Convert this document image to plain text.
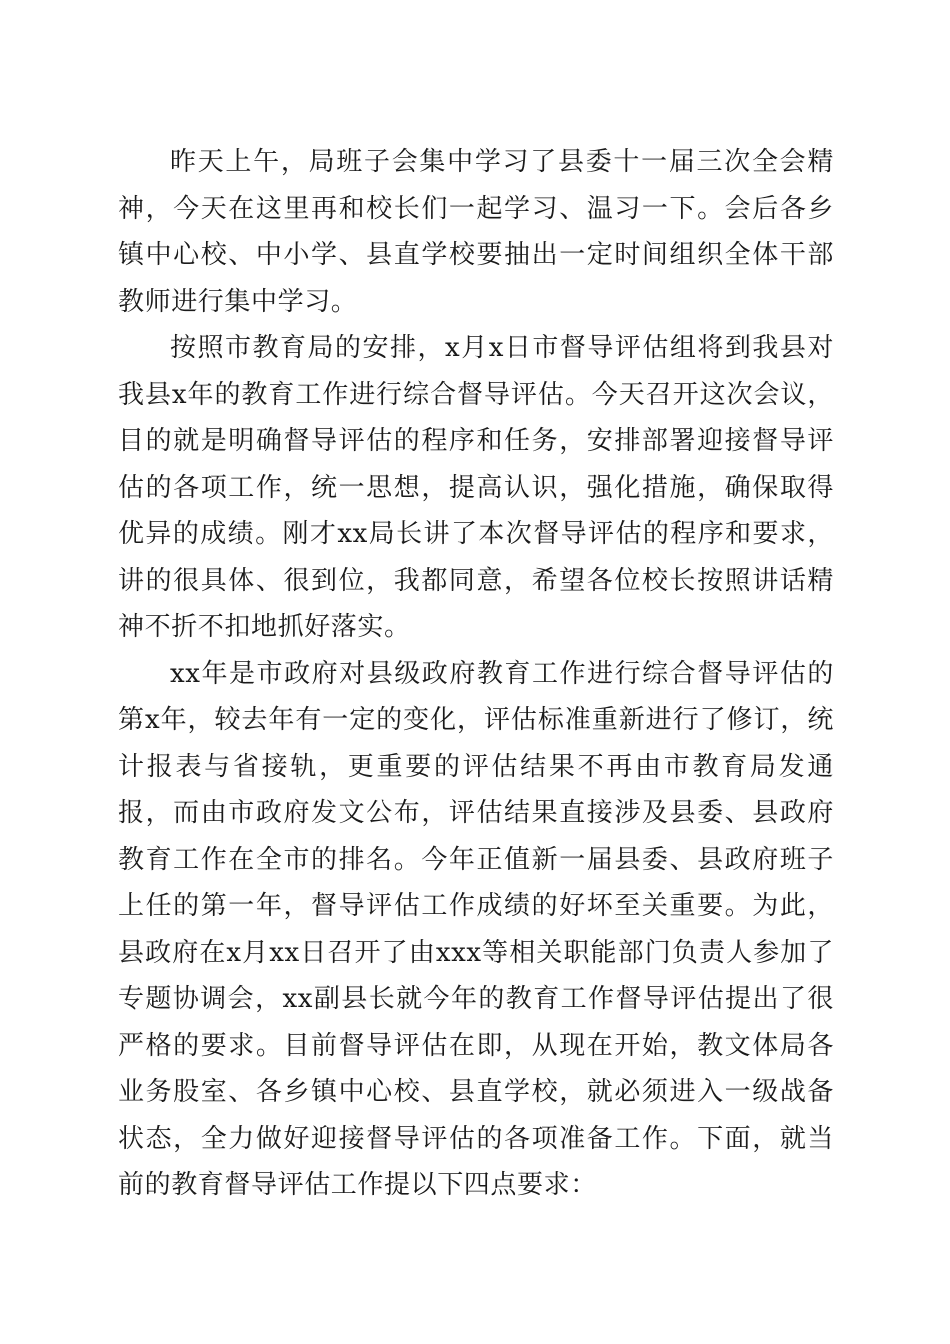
昨天上午，局班子会集中学习了县委十一届三次全会精神，今天在这里再和校长们一起学习、温习一下。会后各乡镇中心校、中小学、县直学校要抽出一定时间组织全体干部教师进行集中学习。

按照市教育局的安排，x月x日市督导评估组将到我县对我县x年的教育工作进行综合督导评估。今天召开这次会议，目的就是明确督导评估的程序和任务，安排部署迎接督导评估的各项工作，统一思想，提高认识，强化措施，确保取得优异的成绩。刚才xx局长讲了本次督导评估的程序和要求，讲的很具体、很到位，我都同意，希望各位校长按照讲话精神不折不扣地抓好落实。

xx年是市政府对县级政府教育工作进行综合督导评估的第x年，较去年有一定的变化，评估标准重新进行了修订，统计报表与省接轨，更重要的评估结果不再由市教育局发通报，而由市政府发文公布，评估结果直接涉及县委、县政府教育工作在全市的排名。今年正值新一届县委、县政府班子上任的第一年，督导评估工作成绩的好坏至关重要。为此，县政府在x月xx日召开了由xxx等相关职能部门负责人参加了专题协调会，xx副县长就今年的教育工作督导评估提出了很严格的要求。目前督导评估在即，从现在开始，教文体局各业务股室、各乡镇中心校、县直学校，就必须进入一级战备状态，全力做好迎接督导评估的各项准备工作。下面，就当前的教育督导评估工作提以下四点要求：
